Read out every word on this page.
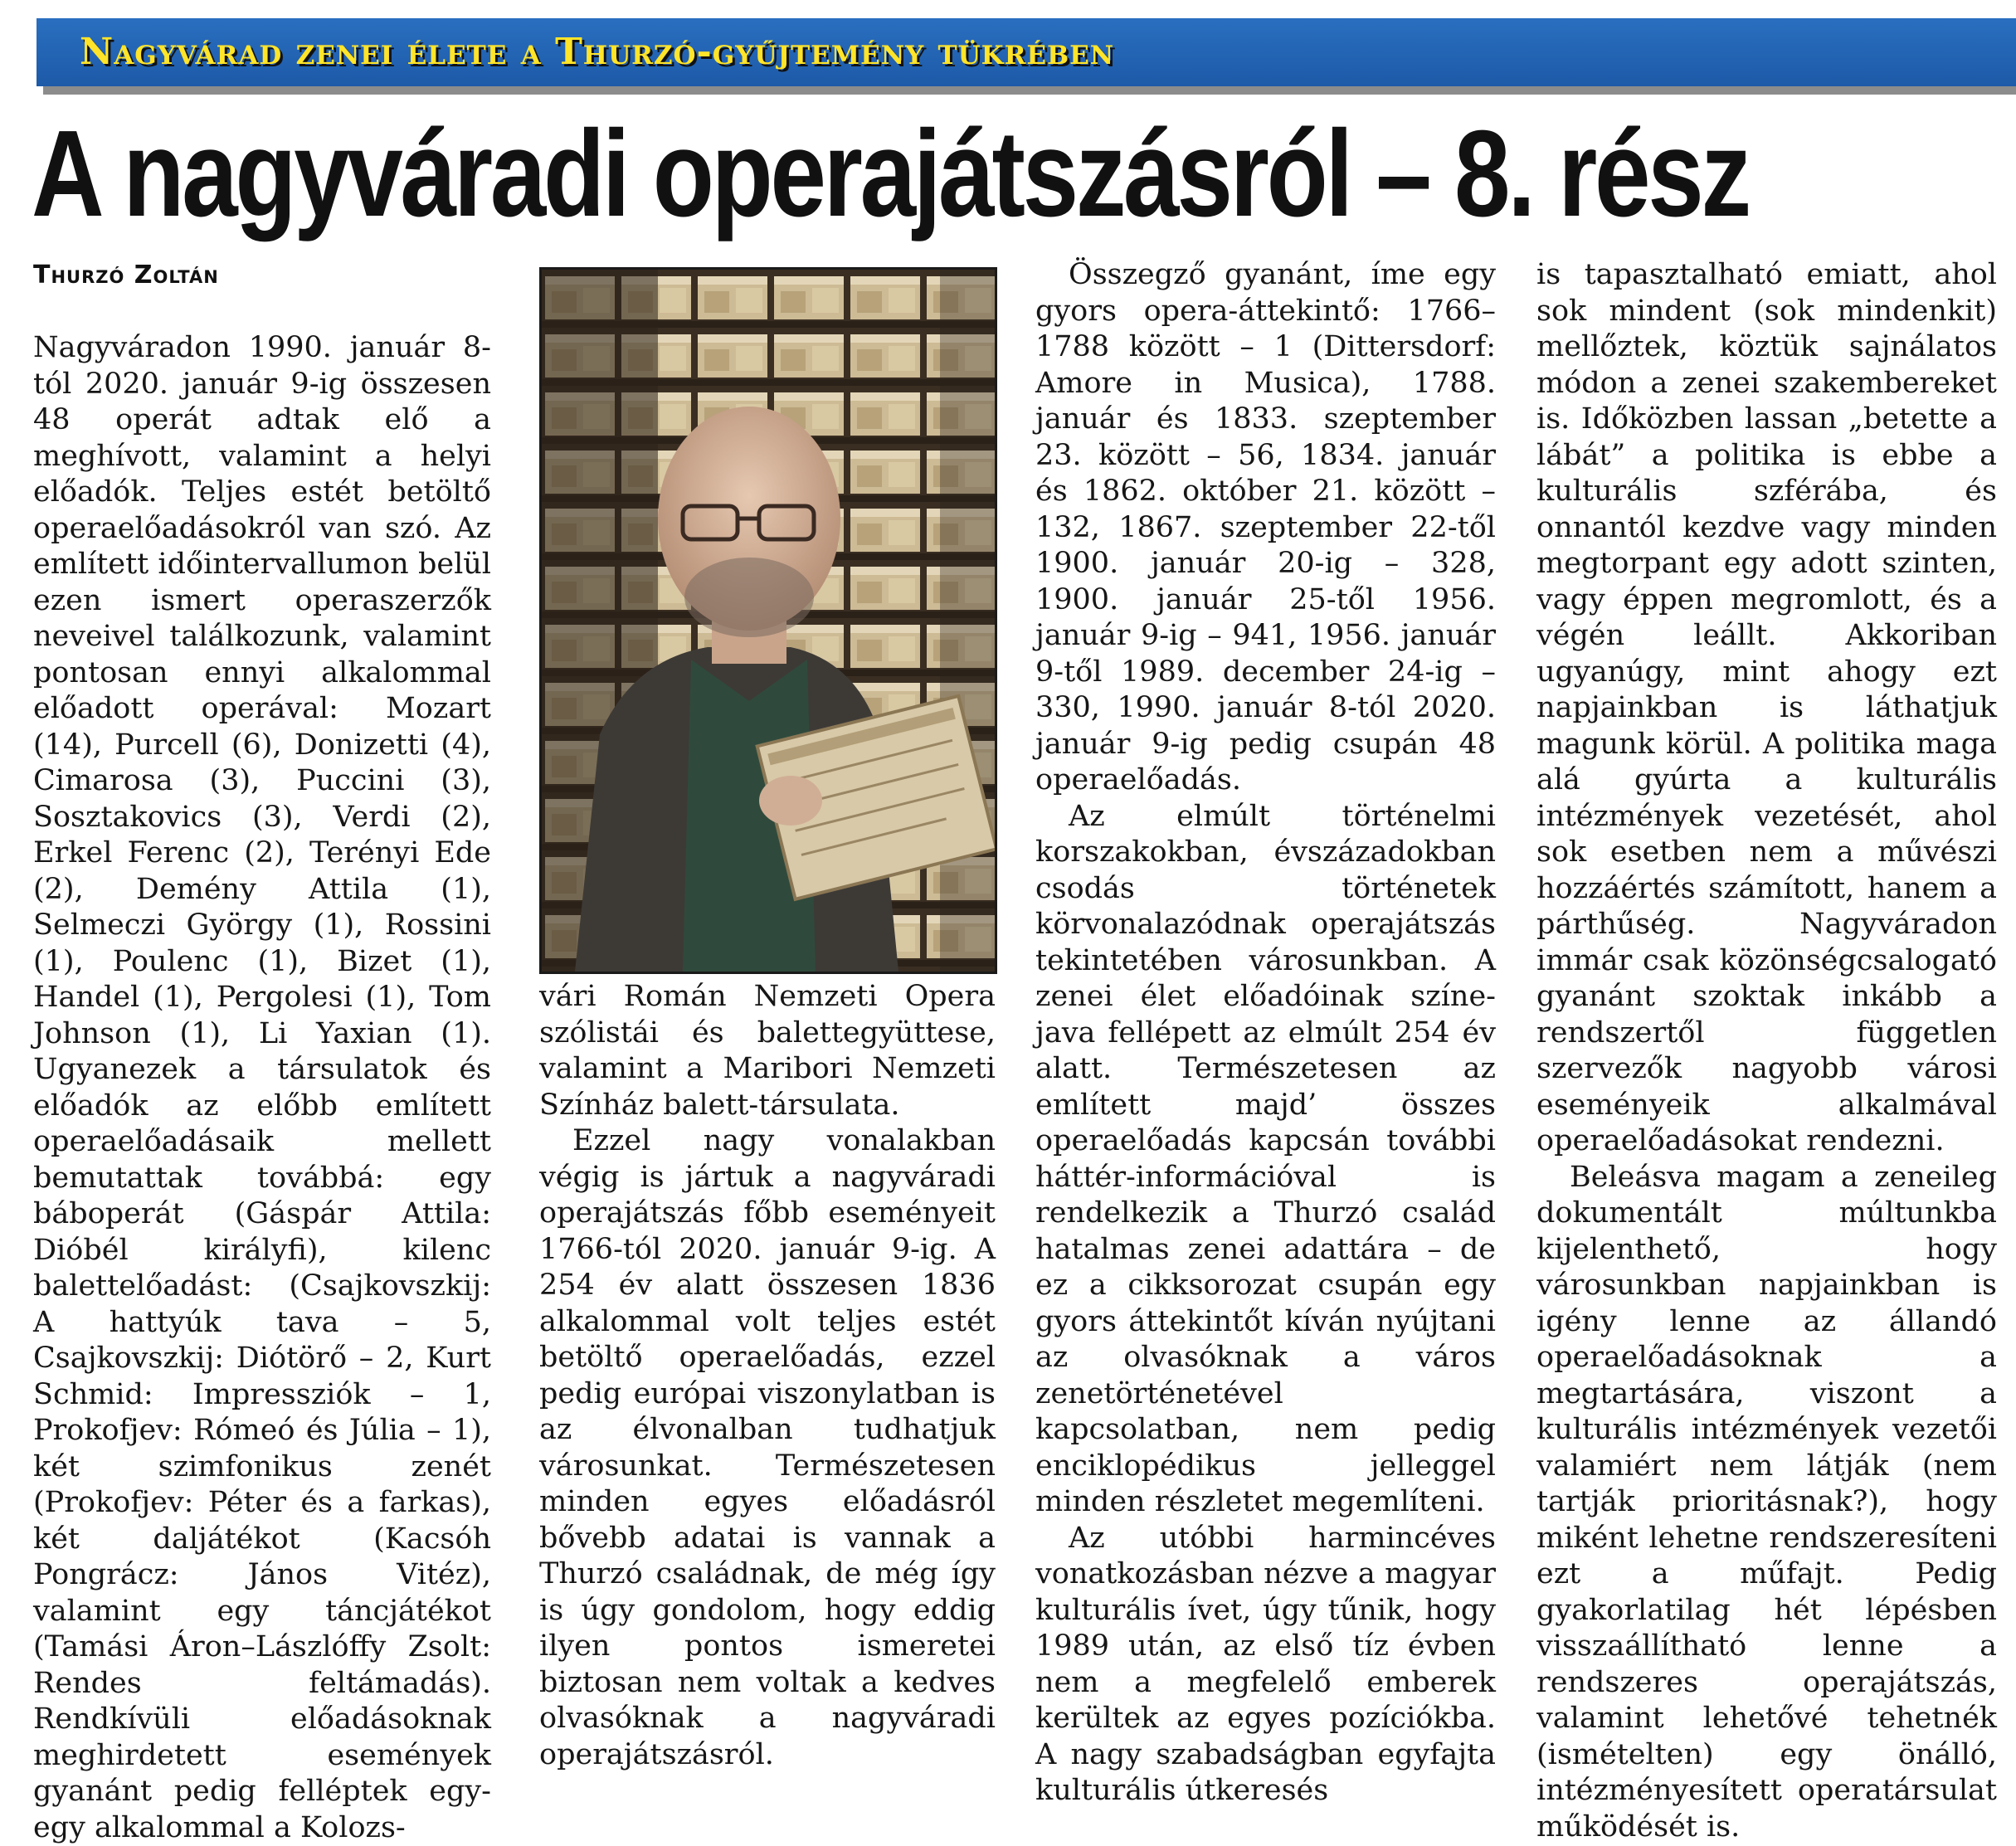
Nagyvárad zenei élete a Thurzó-gyűjtemény tükrében
A nagyváradi operajátszásról – 8. rész
Thurzó Zoltán

Nagyváradon 1990. január 8-tól 2020. január 9-ig összesen 48 operát adtak elő a meghívott, valamint a helyi előadók. Teljes estét betöltő operaelőadásokról van szó. Az említett időintervallumon belül ezen ismert operaszerzők neveivel találkozunk, valamint pontosan ennyi alkalommal előadott operával: Mozart (14), Purcell (6), Donizetti (4), Cimarosa (3), Puccini (3), Sosztakovics (3), Verdi (2), Erkel Ferenc (2), Terényi Ede (2), Demény Attila (1), Selmeczi György (1), Rossini (1), Poulenc (1), Bizet (1), Handel (1), Pergolesi (1), Tom Johnson (1), Li Yaxian (1). Ugyanezek a társulatok és előadók az előbb említett operaelőadásaik mellett bemutattak továbbá: egy báboperát (Gáspár Attila: Dióbél királyfi), kilenc balettelőadást: (Csajkovszkij: A hattyúk tava – 5, Csajkovszkij: Diótörő – 2, Kurt Schmid: Impressziók – 1, Prokofjev: Rómeó és Júlia – 1), két szimfonikus zenét (Prokofjev: Péter és a farkas), két daljátékot (Kacsóh Pongrácz: János Vitéz), valamint egy táncjátékot (Tamási Áron–Lászlóffy Zsolt: Rendes feltámadás). Rendkívüli előadásoknak meghirdetett események gyanánt pedig felléptek egy-egy alkalommal a Kolozs-

vári Román Nemzeti Opera szólistái és balettegyüttese, valamint a Maribori Nemzeti Színház balett-társulata.

Ezzel nagy vonalakban végig is jártuk a nagyváradi operajátszás főbb eseményeit 1766-tól 2020. január 9-ig. A 254 év alatt összesen 1836 alkalommal volt teljes estét betöltő operaelőadás, ezzel pedig európai viszonylatban is az élvonalban tudhatjuk városunkat. Természetesen minden egyes előadásról bővebb adatai is vannak a Thurzó családnak, de még így is úgy gondolom, hogy eddig ilyen pontos ismeretei biztosan nem voltak a kedves olvasóknak a nagyváradi operajátszásról.

Összegző gyanánt, íme egy gyors opera-áttekintő: 1766–1788 között – 1 (Dittersdorf: Amore in Musica), 1788. január és 1833. szeptember 23. között – 56, 1834. január és 1862. október 21. között – 132, 1867. szeptember 22-től 1900. január 20-ig – 328, 1900. január 25-től 1956. január 9-ig – 941, 1956. január 9-től 1989. december 24-ig – 330, 1990. január 8-tól 2020. január 9-ig pedig csupán 48 operaelőadás.

Az elmúlt történelmi korszakokban, évszázadokban csodás történetek körvonalazódnak operajátszás tekintetében városunkban. A zenei élet előadóinak színe-java fellépett az elmúlt 254 év alatt. Természetesen az említett majd’ összes operaelőadás kapcsán további háttér-információval is rendelkezik a Thurzó család hatalmas zenei adattára – de ez a cikksorozat csupán egy gyors áttekintőt kíván nyújtani az olvasóknak a város zenetörténetével kapcsolatban, nem pedig enciklopédikus jelleggel minden részletet megemlíteni.

Az utóbbi harmincéves vonatkozásban nézve a magyar kulturális ívet, úgy tűnik, hogy 1989 után, az első tíz évben nem a megfelelő emberek kerültek az egyes pozíciókba. A nagy szabadságban egyfajta kulturális útkeresés

is tapasztalható emiatt, ahol sok mindent (sok mindenkit) mellőztek, köztük sajnálatos módon a zenei szakembereket is. Időközben lassan „betette a lábát” a politika is ebbe a kulturális szférába, és onnantól kezdve vagy minden megtorpant egy adott szinten, vagy éppen megromlott, és a végén leállt. Akkoriban ugyanúgy, mint ahogy ezt napjainkban is láthatjuk magunk körül. A politika maga alá gyúrta a kulturális intézmények vezetését, ahol sok esetben nem a művészi hozzáértés számított, hanem a párthűség. Nagyváradon immár csak közönségcsalogató gyanánt szoktak inkább a rendszertől független szervezők nagyobb városi eseményeik alkalmával operaelőadásokat rendezni.

Beleásva magam a zeneileg dokumentált múltunkba kijelenthető, hogy városunkban napjainkban is igény lenne az állandó operaelőadásoknak a megtartására, viszont a kulturális intézmények vezetői valamiért nem látják (nem tartják prioritásnak?), hogy miként lehetne rendszeresíteni ezt a műfajt. Pedig gyakorlatilag hét lépésben visszaállítható lenne a rendszeres operajátszás, valamint lehetővé tehetnék (ismételten) egy önálló, intézményesített operatársulat működését is.
